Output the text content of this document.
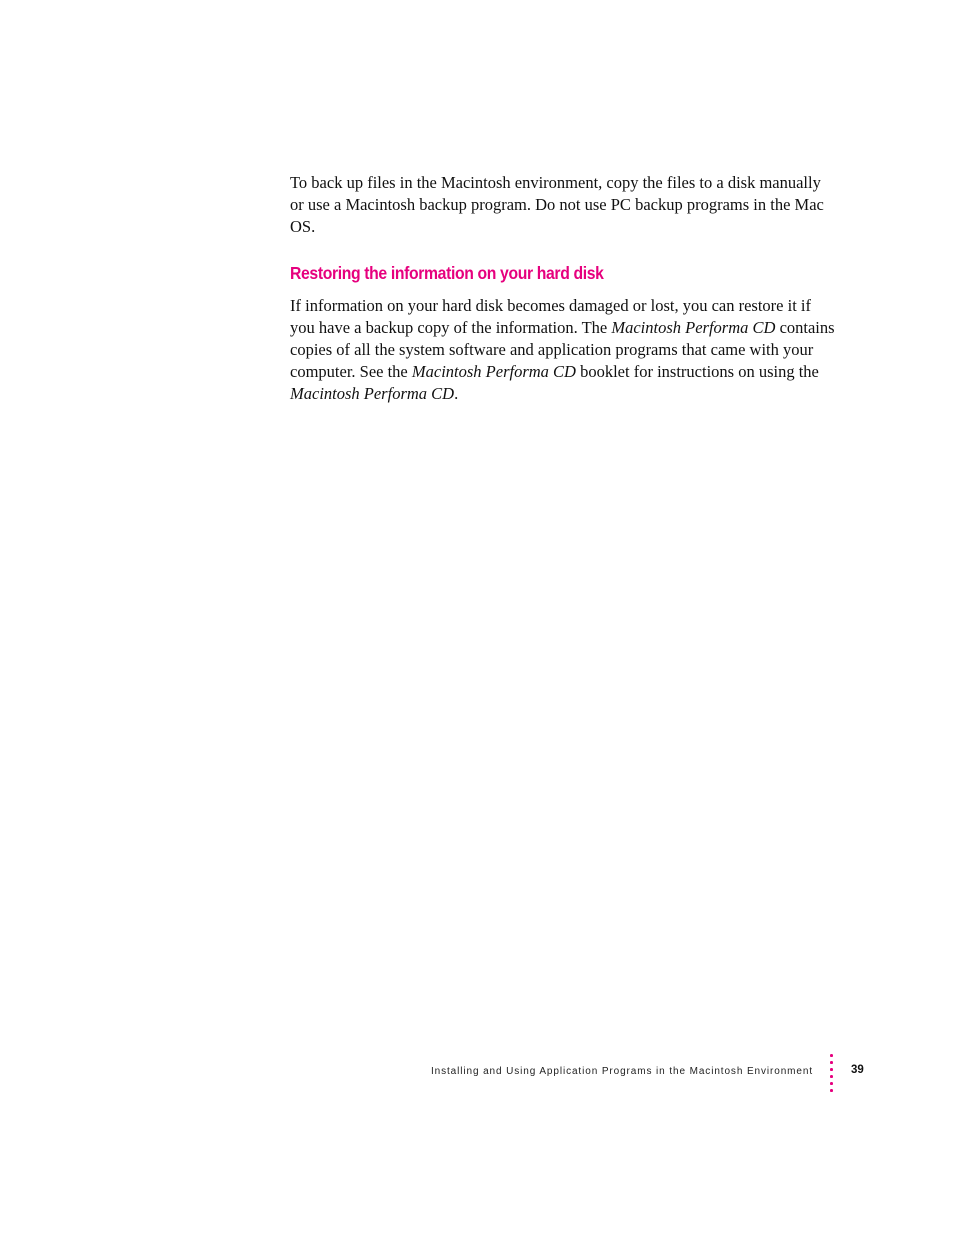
To back up files in the Macintosh environment, copy the files to a disk manually or use a Macintosh backup program. Do not use PC backup programs in the Mac OS.

Restoring the information on your hard disk

If information on your hard disk becomes damaged or lost, you can restore it if you have a backup copy of the information. The Macintosh Performa CD contains copies of all the system software and application programs that came with your computer. See the Macintosh Performa CD booklet for instructions on using the Macintosh Performa CD.

Installing and Using Application Programs in the Macintosh Environment	39
